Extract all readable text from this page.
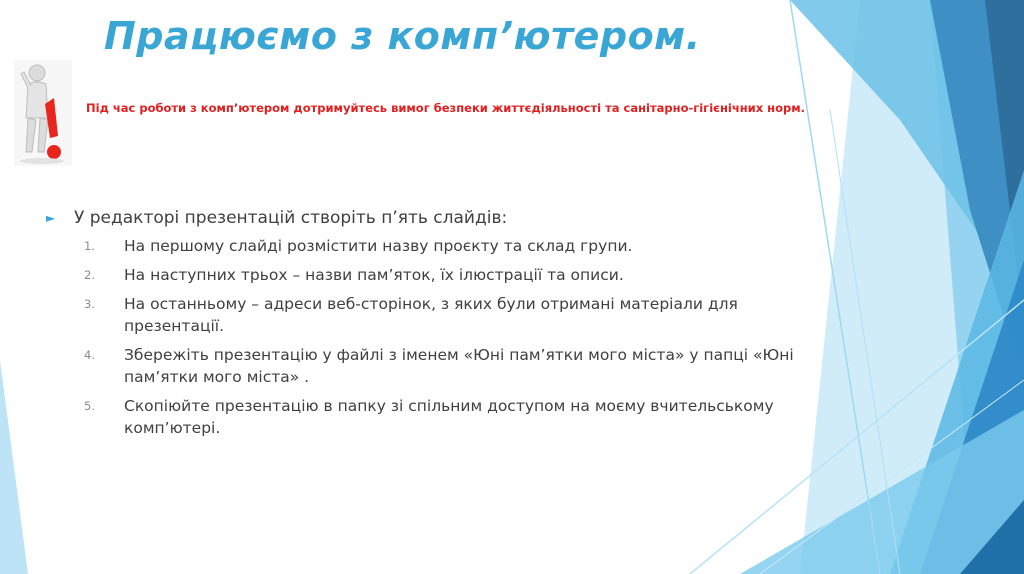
Працюємо з комп’ютером.

Під час роботи з комп’ютером дотримуйтесь вимог безпеки життєдіяльності та санітарно-гігієнічних норм.

►	У редакторі презентацій створіть п’ять слайдів:
1.	На першому слайді розмістити назву проєкту та склад групи.
2.	На наступних трьох – назви пам’яток, їх ілюстрації та описи.
3.	На останньому – адреси веб-сторінок, з яких були отримані матеріали для презентації.
4.	Збережіть презентацію у файлі з іменем «Юні пам’ятки мого міста» у папці «Юні пам’ятки мого міста» .
5.	Скопіюйте презентацію в папку зі спільним доступом на моєму вчительському комп’ютері.
